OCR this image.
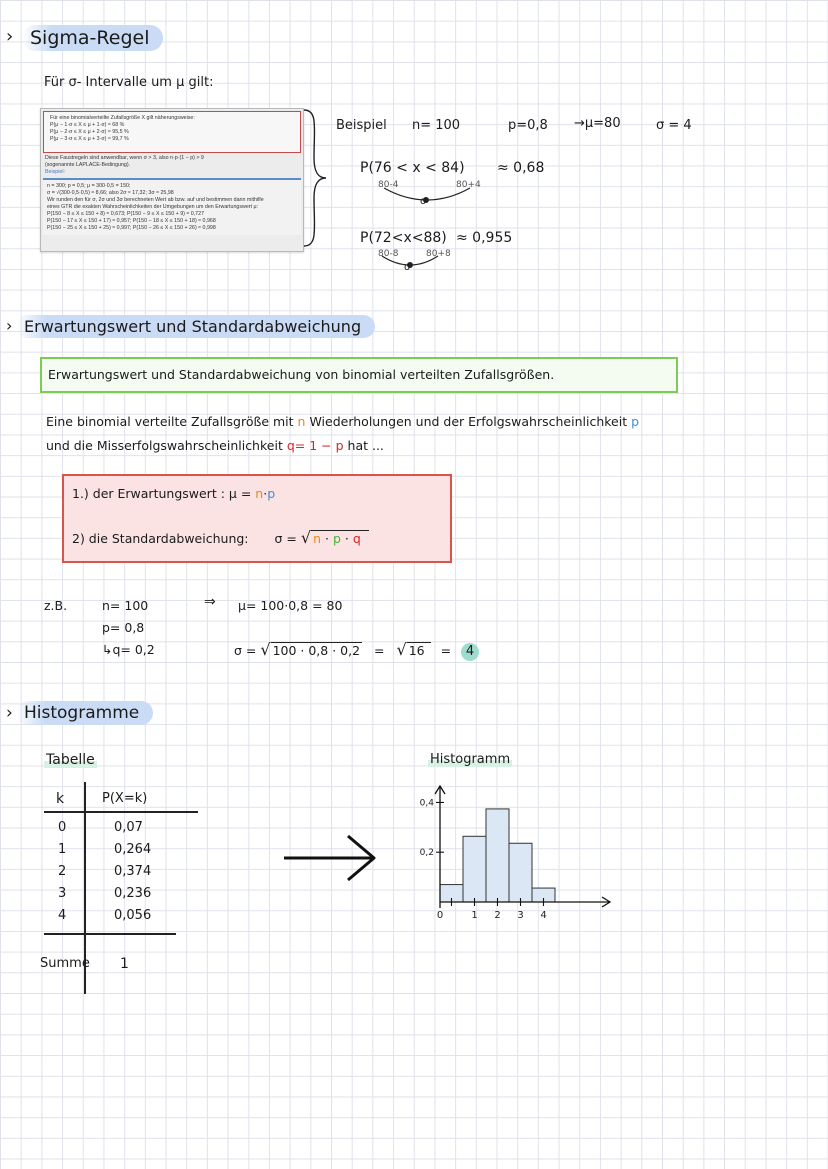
› Sigma-Regel
Für σ- Intervalle um μ gilt:
Für eine binomialverteilte Zufallsgröße X gilt näherungsweise:
P(μ − 1·σ ≤ X ≤ μ + 1·σ) ≈ 68 %
P(μ − 2·σ ≤ X ≤ μ + 2·σ) ≈ 95,5 %
P(μ − 3·σ ≤ X ≤ μ + 3·σ) ≈ 99,7 %
Diese Faustregeln sind anwendbar, wenn σ > 3, also n·p·(1 − p) > 9
(sogenannte LAPLACE-Bedingung).
Beispiel:
n = 300; p = 0,5; μ = 300·0,5 = 150;
σ = √(300·0,5·0,5) ≈ 8,66; also 2σ ≈ 17,32; 3σ ≈ 25,98
Wir runden den für σ, 2σ und 3σ berechneten Wert ab bzw. auf und bestimmen dann mithilfe
eines GTR die exakten Wahrscheinlichkeiten der Umgebungen um den Erwartungswert μ:
P(150 − 8 ≤ X ≤ 150 + 8) ≈ 0,673; P(150 − 9 ≤ X ≤ 150 + 9) ≈ 0,727
P(150 − 17 ≤ X ≤ 150 + 17) ≈ 0,957; P(150 − 18 ≤ X ≤ 150 + 18) ≈ 0,968
P(150 − 25 ≤ X ≤ 150 + 25) ≈ 0,997; P(150 − 26 ≤ X ≤ 150 + 26) ≈ 0,998
Beispiel n= 100	p=0,8 →μ=80	σ = 4
P(76 < x < 84) ≈ 0,68
80-4	80+4
σ
P(72<x<88) ≈ 0,955
80-8	80+8
σ
› Erwartungswert und Standardabweichung
Erwartungswert und Standardabweichung von binomial verteilten Zufallsgrößen.
Eine binomial verteilte Zufallsgröße mit n Wiederholungen und der Erfolgswahrscheinlichkeit p
und die Misserfolgswahrscheinlichkeit q= 1 − p hat ...
1.) der Erwartungswert : μ = n·p
2) die Standardabweichung: σ = √ n · p · q
z.B.	n= 100
p= 0,8
↳q= 0,2
⇒ μ= 100·0,8 = 80
σ = √ 100 · 0,8 · 0,2 = √ 16 = 4
› Histogramme
Tabelle
k	P(X=k)
0	0,07
1	0,264
2	0,374
3	0,236
4	0,056
Summe 1
Histogramm
0,2
0,4
0	1 2 3 4
